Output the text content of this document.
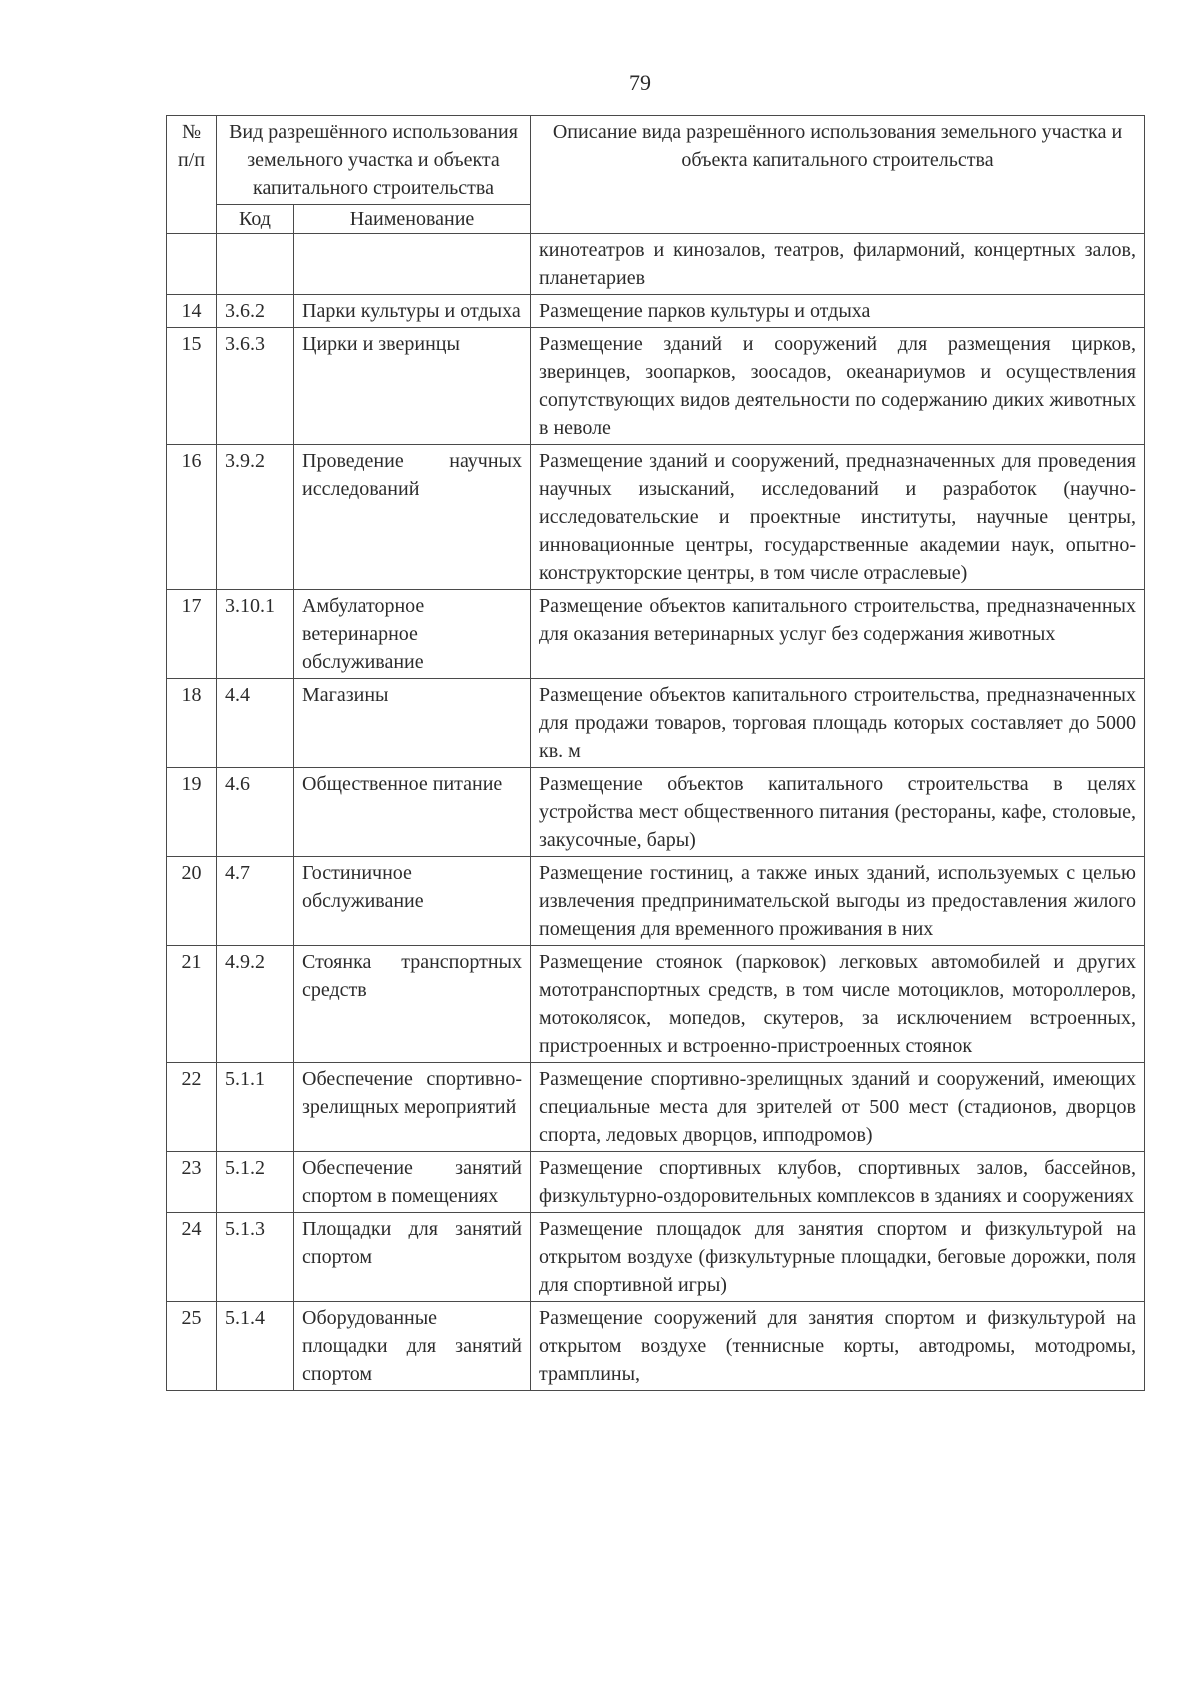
79
№ п/п	Вид разрешённого использования земельного участка и объекта капитального строительства		Описание вида разрешённого использования земельного участка и объекта капитального строительства
	Код	Наименование	
			кинотеатров и кинозалов, театров, филармоний, концертных залов, планетариев
14	3.6.2	Парки культуры и отдыха	Размещение парков культуры и отдыха
15	3.6.3	Цирки и зверинцы	Размещение зданий и сооружений для размещения цирков, зверинцев, зоопарков, зоосадов, океанариумов и осуществления сопутствующих видов деятельности по содержанию диких животных в неволе
16	3.9.2	Проведение научных исследований	Размещение зданий и сооружений, предназначенных для проведения научных изысканий, исследований и разработок (научно-исследовательские и проектные институты, научные центры, инновационные центры, государственные академии наук, опытно-конструкторские центры, в том числе отраслевые)
17	3.10.1	Амбулаторное ветеринарное обслуживание	Размещение объектов капитального строительства, предназначенных для оказания ветеринарных услуг без содержания животных
18	4.4	Магазины	Размещение объектов капитального строительства, предназначенных для продажи товаров, торговая площадь которых составляет до 5000 кв. м
19	4.6	Общественное питание	Размещение объектов капитального строительства в целях устройства мест общественного питания (рестораны, кафе, столовые, закусочные, бары)
20	4.7	Гостиничное обслуживание	Размещение гостиниц, а также иных зданий, используемых с целью извлечения предпринимательской выгоды из предоставления жилого помещения для временного проживания в них
21	4.9.2	Стоянка транспортных средств	Размещение стоянок (парковок) легковых автомобилей и других мототранспортных средств, в том числе мотоциклов, мотороллеров, мотоколясок, мопедов, скутеров, за исключением встроенных, пристроенных и встроенно-пристроенных стоянок
22	5.1.1	Обеспечение спортивно-зрелищных мероприятий	Размещение спортивно-зрелищных зданий и сооружений, имеющих специальные места для зрителей от 500 мест (стадионов, дворцов спорта, ледовых дворцов, ипподромов)
23	5.1.2	Обеспечение занятий спортом в помещениях	Размещение спортивных клубов, спортивных залов, бассейнов, физкультурно-оздоровительных комплексов в зданиях и сооружениях
24	5.1.3	Площадки для занятий спортом	Размещение площадок для занятия спортом и физкультурой на открытом воздухе (физкультурные площадки, беговые дорожки, поля для спортивной игры)
25	5.1.4	Оборудованные площадки для занятий спортом	Размещение сооружений для занятия спортом и физкультурой на открытом воздухе (теннисные корты, автодромы, мотодромы, трамплины,
